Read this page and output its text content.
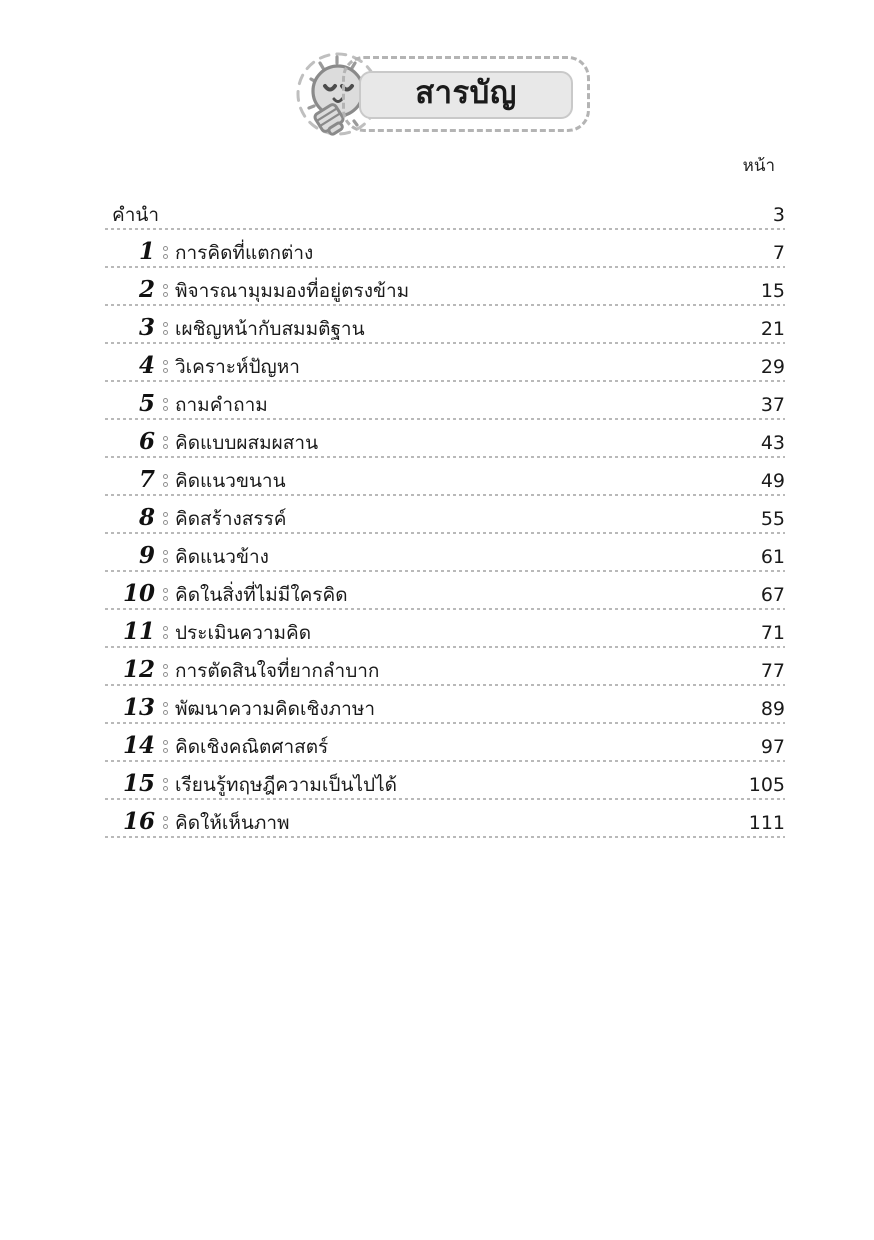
สารบัญ
หน้า
คำนำ	3
1 การคิดที่แตกต่าง	7
2 พิจารณามุมมองที่อยู่ตรงข้าม	15
3 เผชิญหน้ากับสมมติฐาน	21
4 วิเคราะห์ปัญหา	29
5 ถามคำถาม	37
6 คิดแบบผสมผสาน	43
7 คิดแนวขนาน	49
8 คิดสร้างสรรค์	55
9 คิดแนวข้าง	61
10 คิดในสิ่งที่ไม่มีใครคิด	67
11 ประเมินความคิด	71
12 การตัดสินใจที่ยากลำบาก	77
13 พัฒนาความคิดเชิงภาษา	89
14 คิดเชิงคณิตศาสตร์	97
15 เรียนรู้ทฤษฎีความเป็นไปได้	105
16 คิดให้เห็นภาพ	111
